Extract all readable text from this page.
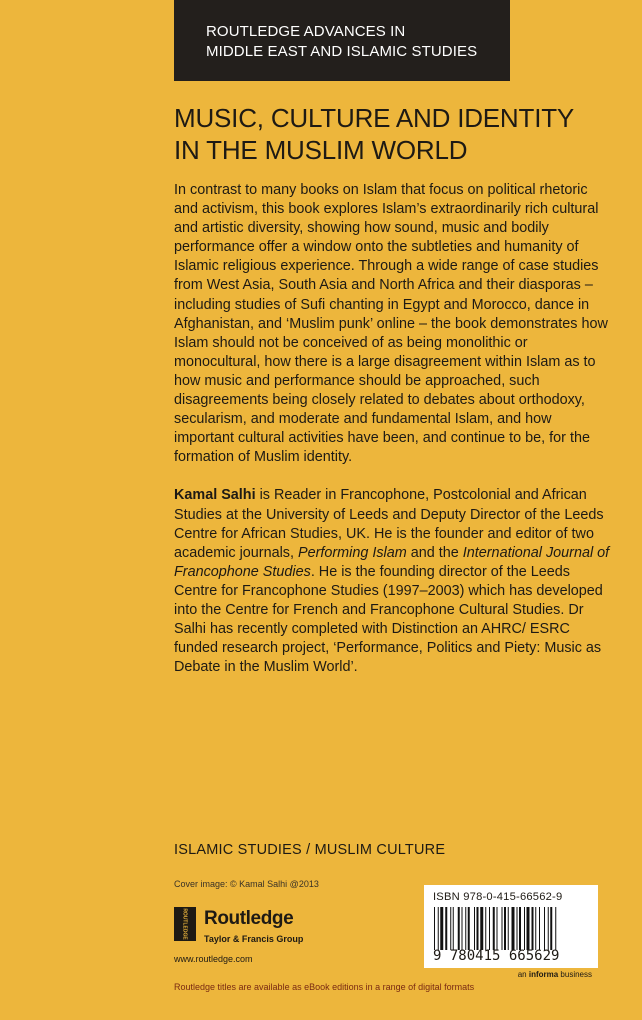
ROUTLEDGE ADVANCES IN
MIDDLE EAST AND ISLAMIC STUDIES
MUSIC, CULTURE AND IDENTITY
IN THE MUSLIM WORLD

In contrast to many books on Islam that focus on political rhetoric and activism, this book explores Islam’s extraordinarily rich cultural and artistic diversity, showing how sound, music and bodily performance offer a window onto the subtleties and humanity of Islamic religious experience. Through a wide range of case studies from West Asia, South Asia and North Africa and their diasporas – including studies of Sufi chanting in Egypt and Morocco, dance in Afghanistan, and ‘Muslim punk’ online – the book demonstrates how Islam should not be conceived of as being monolithic or monocultural, how there is a large disagreement within Islam as to how music and performance should be approached, such disagreements being closely related to debates about orthodoxy, secularism, and moderate and fundamental Islam, and how important cultural activities have been, and continue to be, for the formation of Muslim identity.

Kamal Salhi is Reader in Francophone, Postcolonial and African Studies at the University of Leeds and Deputy Director of the Leeds Centre for African Studies, UK. He is the founder and editor of two academic journals, Performing Islam and the International Journal of Francophone Studies. He is the founding director of the Leeds Centre for Francophone Studies (1997–2003) which has developed into the Centre for French and Francophone Cultural Studies. Dr Salhi has recently completed with Distinction an AHRC/ ESRC funded research project, ‘Performance, Politics and Piety: Music as Debate in the Muslim World’.

ISLAMIC STUDIES / MUSLIM CULTURE
Cover image: © Kamal Salhi @2013
ROUTLEDGE Routledge
Taylor & Francis Group
www.routledge.com
ISBN 978-0-415-66562-9
9 780415 665629
an informa business
Routledge titles are available as eBook editions in a range of digital formats
